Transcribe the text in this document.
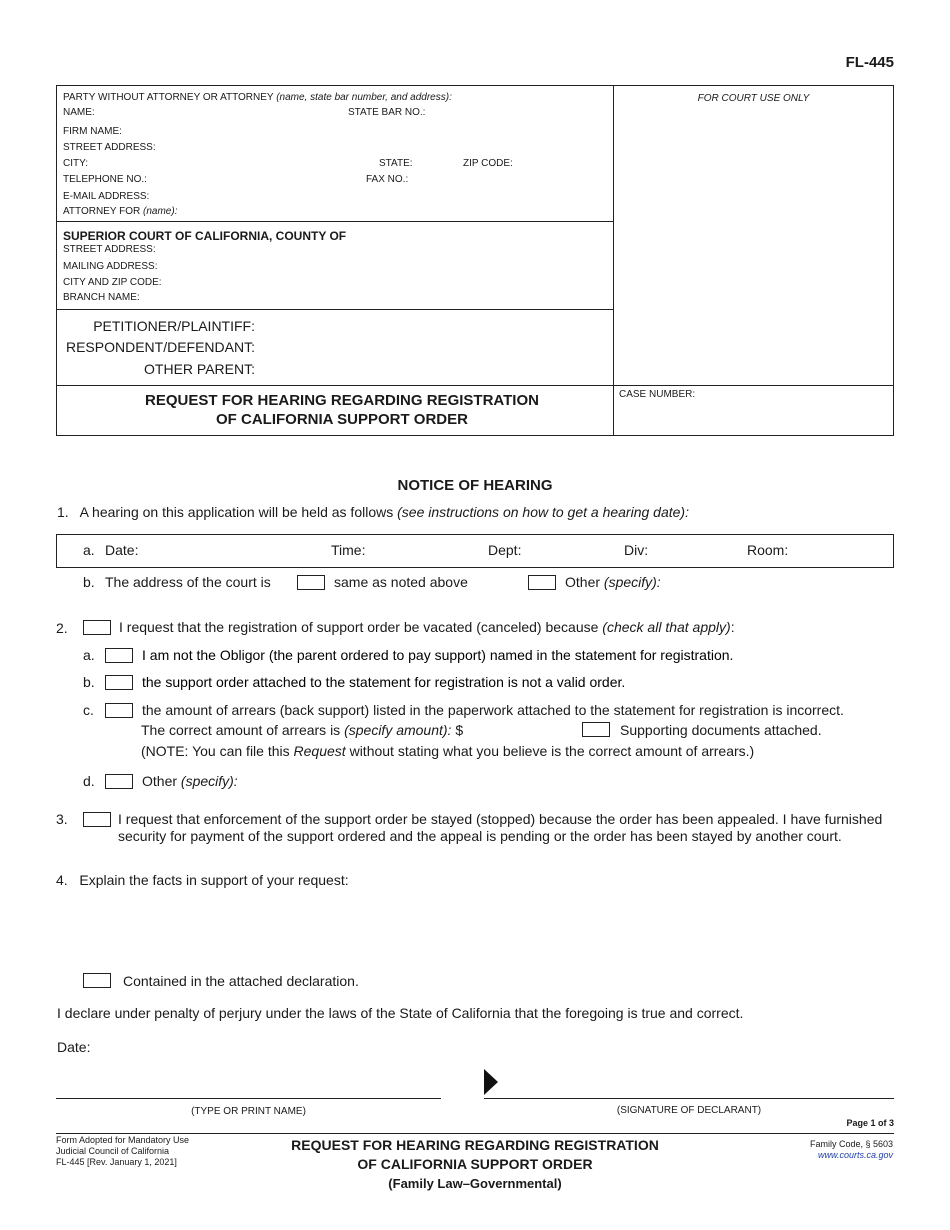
FL-445
PARTY WITHOUT ATTORNEY OR ATTORNEY (name, state bar number, and address):
NAME:	STATE BAR NO.:
FIRM NAME:
STREET ADDRESS:
CITY:	STATE:	ZIP CODE:
TELEPHONE NO.:	FAX NO.:
E-MAIL ADDRESS:
ATTORNEY FOR (name):
FOR COURT USE ONLY
SUPERIOR COURT OF CALIFORNIA, COUNTY OF
STREET ADDRESS:
MAILING ADDRESS:
CITY AND ZIP CODE:
BRANCH NAME:
PETITIONER/PLAINTIFF:
RESPONDENT/DEFENDANT:
OTHER PARENT:
REQUEST FOR HEARING REGARDING REGISTRATION
OF CALIFORNIA SUPPORT ORDER
CASE NUMBER:
NOTICE OF HEARING
1. A hearing on this application will be held as follows (see instructions on how to get a hearing date):
a. Date:	Time:	Dept:	Div:	Room:
b. The address of the court is	same as noted above	Other (specify):
2.	I request that the registration of support order be vacated (canceled) because (check all that apply):
a.	I am not the Obligor (the parent ordered to pay support) named in the statement for registration.
b.	the support order attached to the statement for registration is not a valid order.
c.	the amount of arrears (back support) listed in the paperwork attached to the statement for registration is incorrect.
The correct amount of arrears is (specify amount): $	Supporting documents attached.
(NOTE: You can file this Request without stating what you believe is the correct amount of arrears.)
d.	Other (specify):
3.	I request that enforcement of the support order be stayed (stopped) because the order has been appealed. I have furnished
security for payment of the support ordered and the appeal is pending or the order has been stayed by another court.
4. Explain the facts in support of your request:
Contained in the attached declaration.
I declare under penalty of perjury under the laws of the State of California that the foregoing is true and correct.
Date:
(TYPE OR PRINT NAME)	(SIGNATURE OF DECLARANT)
Page 1 of 3
Form Adopted for Mandatory Use
Judicial Council of California
FL-445 [Rev. January 1, 2021]
REQUEST FOR HEARING REGARDING REGISTRATION
OF CALIFORNIA SUPPORT ORDER
(Family Law–Governmental)
Family Code, § 5603
www.courts.ca.gov
